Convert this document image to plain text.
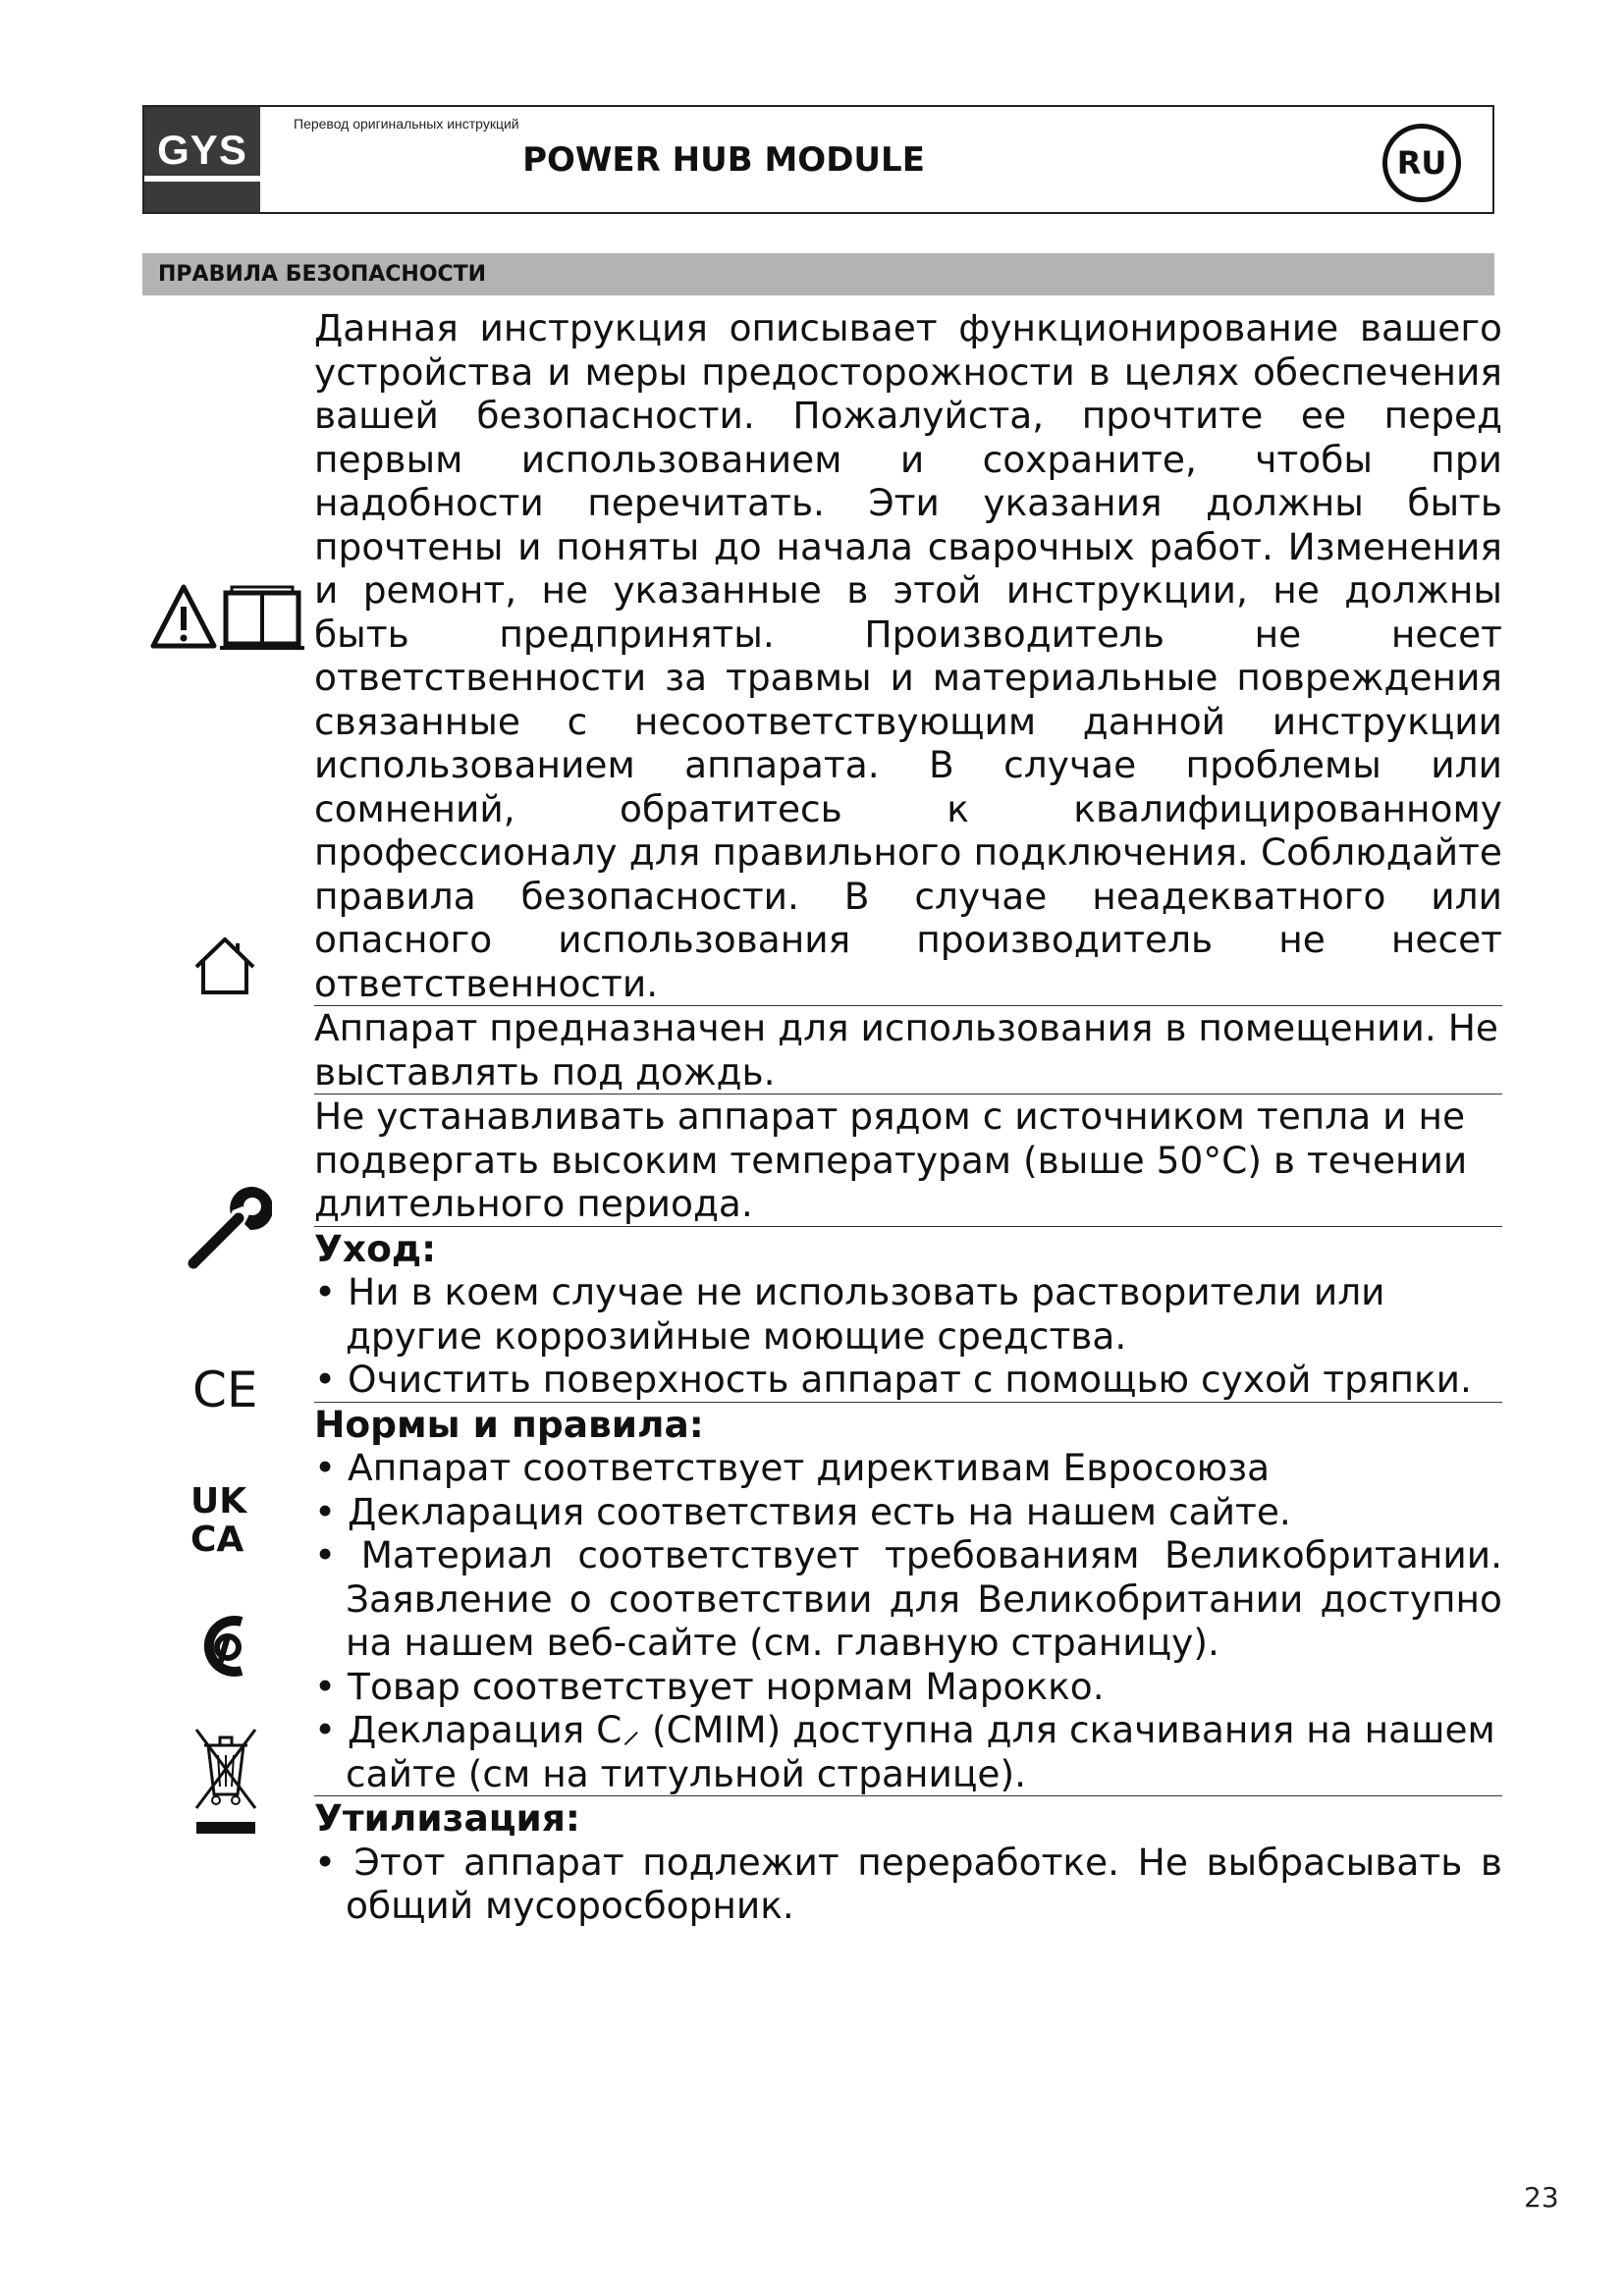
GYS
Перевод оригинальных инструкций
POWER HUB MODULE	RU
ПРАВИЛА БЕЗОПАСНОСТИ
CE
UK
CA

Данная инструкция описывает функционирование вашего устройства и меры предосторожности в целях обеспечения вашей безопасности. Пожалуйста, прочтите ее перед первым использованием и сохраните, чтобы при надобности перечитать. Эти указания должны быть прочтены и поняты до начала сварочных работ. Изменения и ремонт, не указанные в этой инструкции, не должны быть предприняты. Производитель не несет ответственности за травмы и материальные повреждения связанные с несоответствующим данной инструкции использованием аппарата. В случае проблемы или сомнений, обратитесь к квалифицированному профессионалу для правильного подключения. Соблюдайте правила безопасности. В случае неадекватного или опасного использования производитель не несет ответственности.

Аппарат предназначен для использования в помещении. Не выставлять под дождь.

Не устанавливать аппарат рядом с источником тепла и не подвергать высоким температурам (выше 50°C) в течении длительного периода.

Уход:

• Ни в коем случае не использовать растворители или другие коррозийные моющие средства.

• Очистить поверхность аппарат с помощью сухой тряпки.

Нормы и правила:

• Аппарат соответствует директивам Евросоюза

• Декларация соответствия есть на нашем сайте.

• Материал соответствует требованиям Великобритании. Заявление о соответствии для Великобритании доступно на нашем веб-сайте (см. главную страницу).

• Товар соответствует нормам Марокко.

• Декларация C⸝ (CMIM) доступна для скачивания на нашем сайте (см на титульной странице).

Утилизация:

• Этот аппарат подлежит переработке. Не выбрасывать в общий мусоросборник.

23
